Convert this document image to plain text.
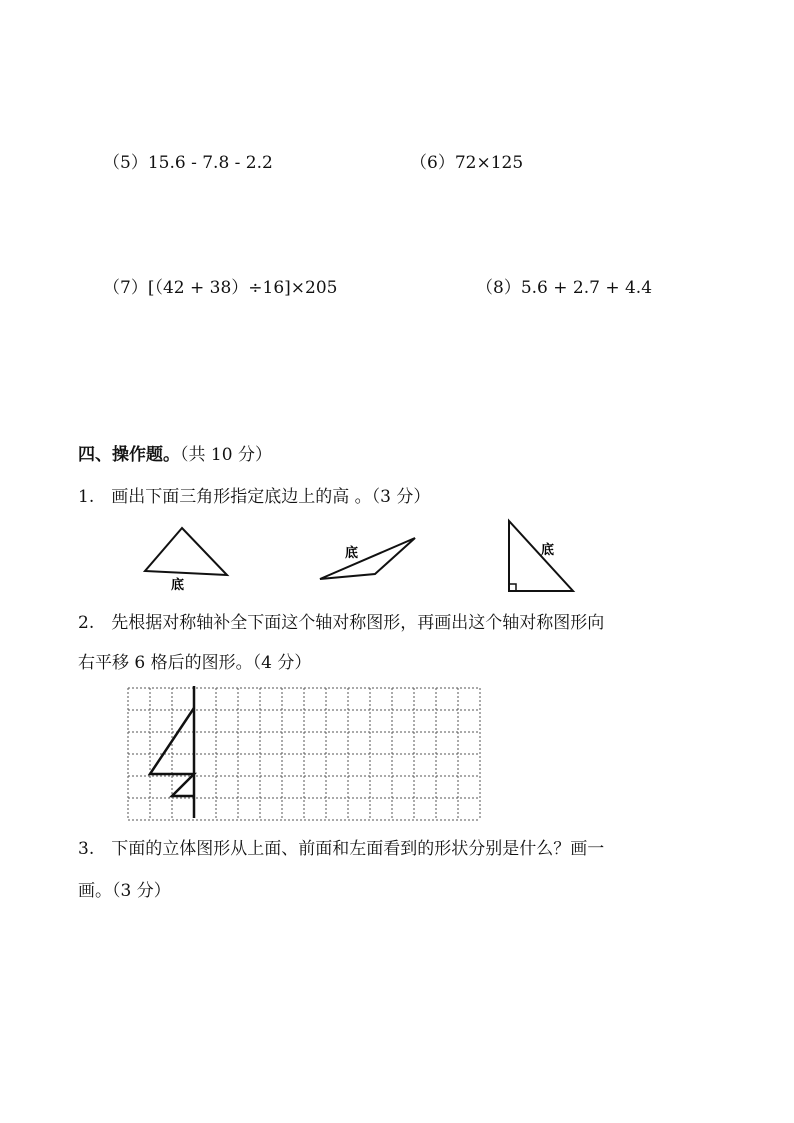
（5）15.6 - 7.8 - 2.2	（6）72×125
（7）[（42 + 38）÷16]×205	（8）5.6 + 2.7 + 4.4
四、操作题。（共 10 分）
1.　画出下面三角形指定底边上的高 。（3 分）
底
底	底
2.　先根据对称轴补全下面这个轴对称图形，再画出这个轴对称图形向
右平移 6 格后的图形。（4 分）
3.　下面的立体图形从上面、前面和左面看到的形状分别是什么？画一
画。（3 分）
